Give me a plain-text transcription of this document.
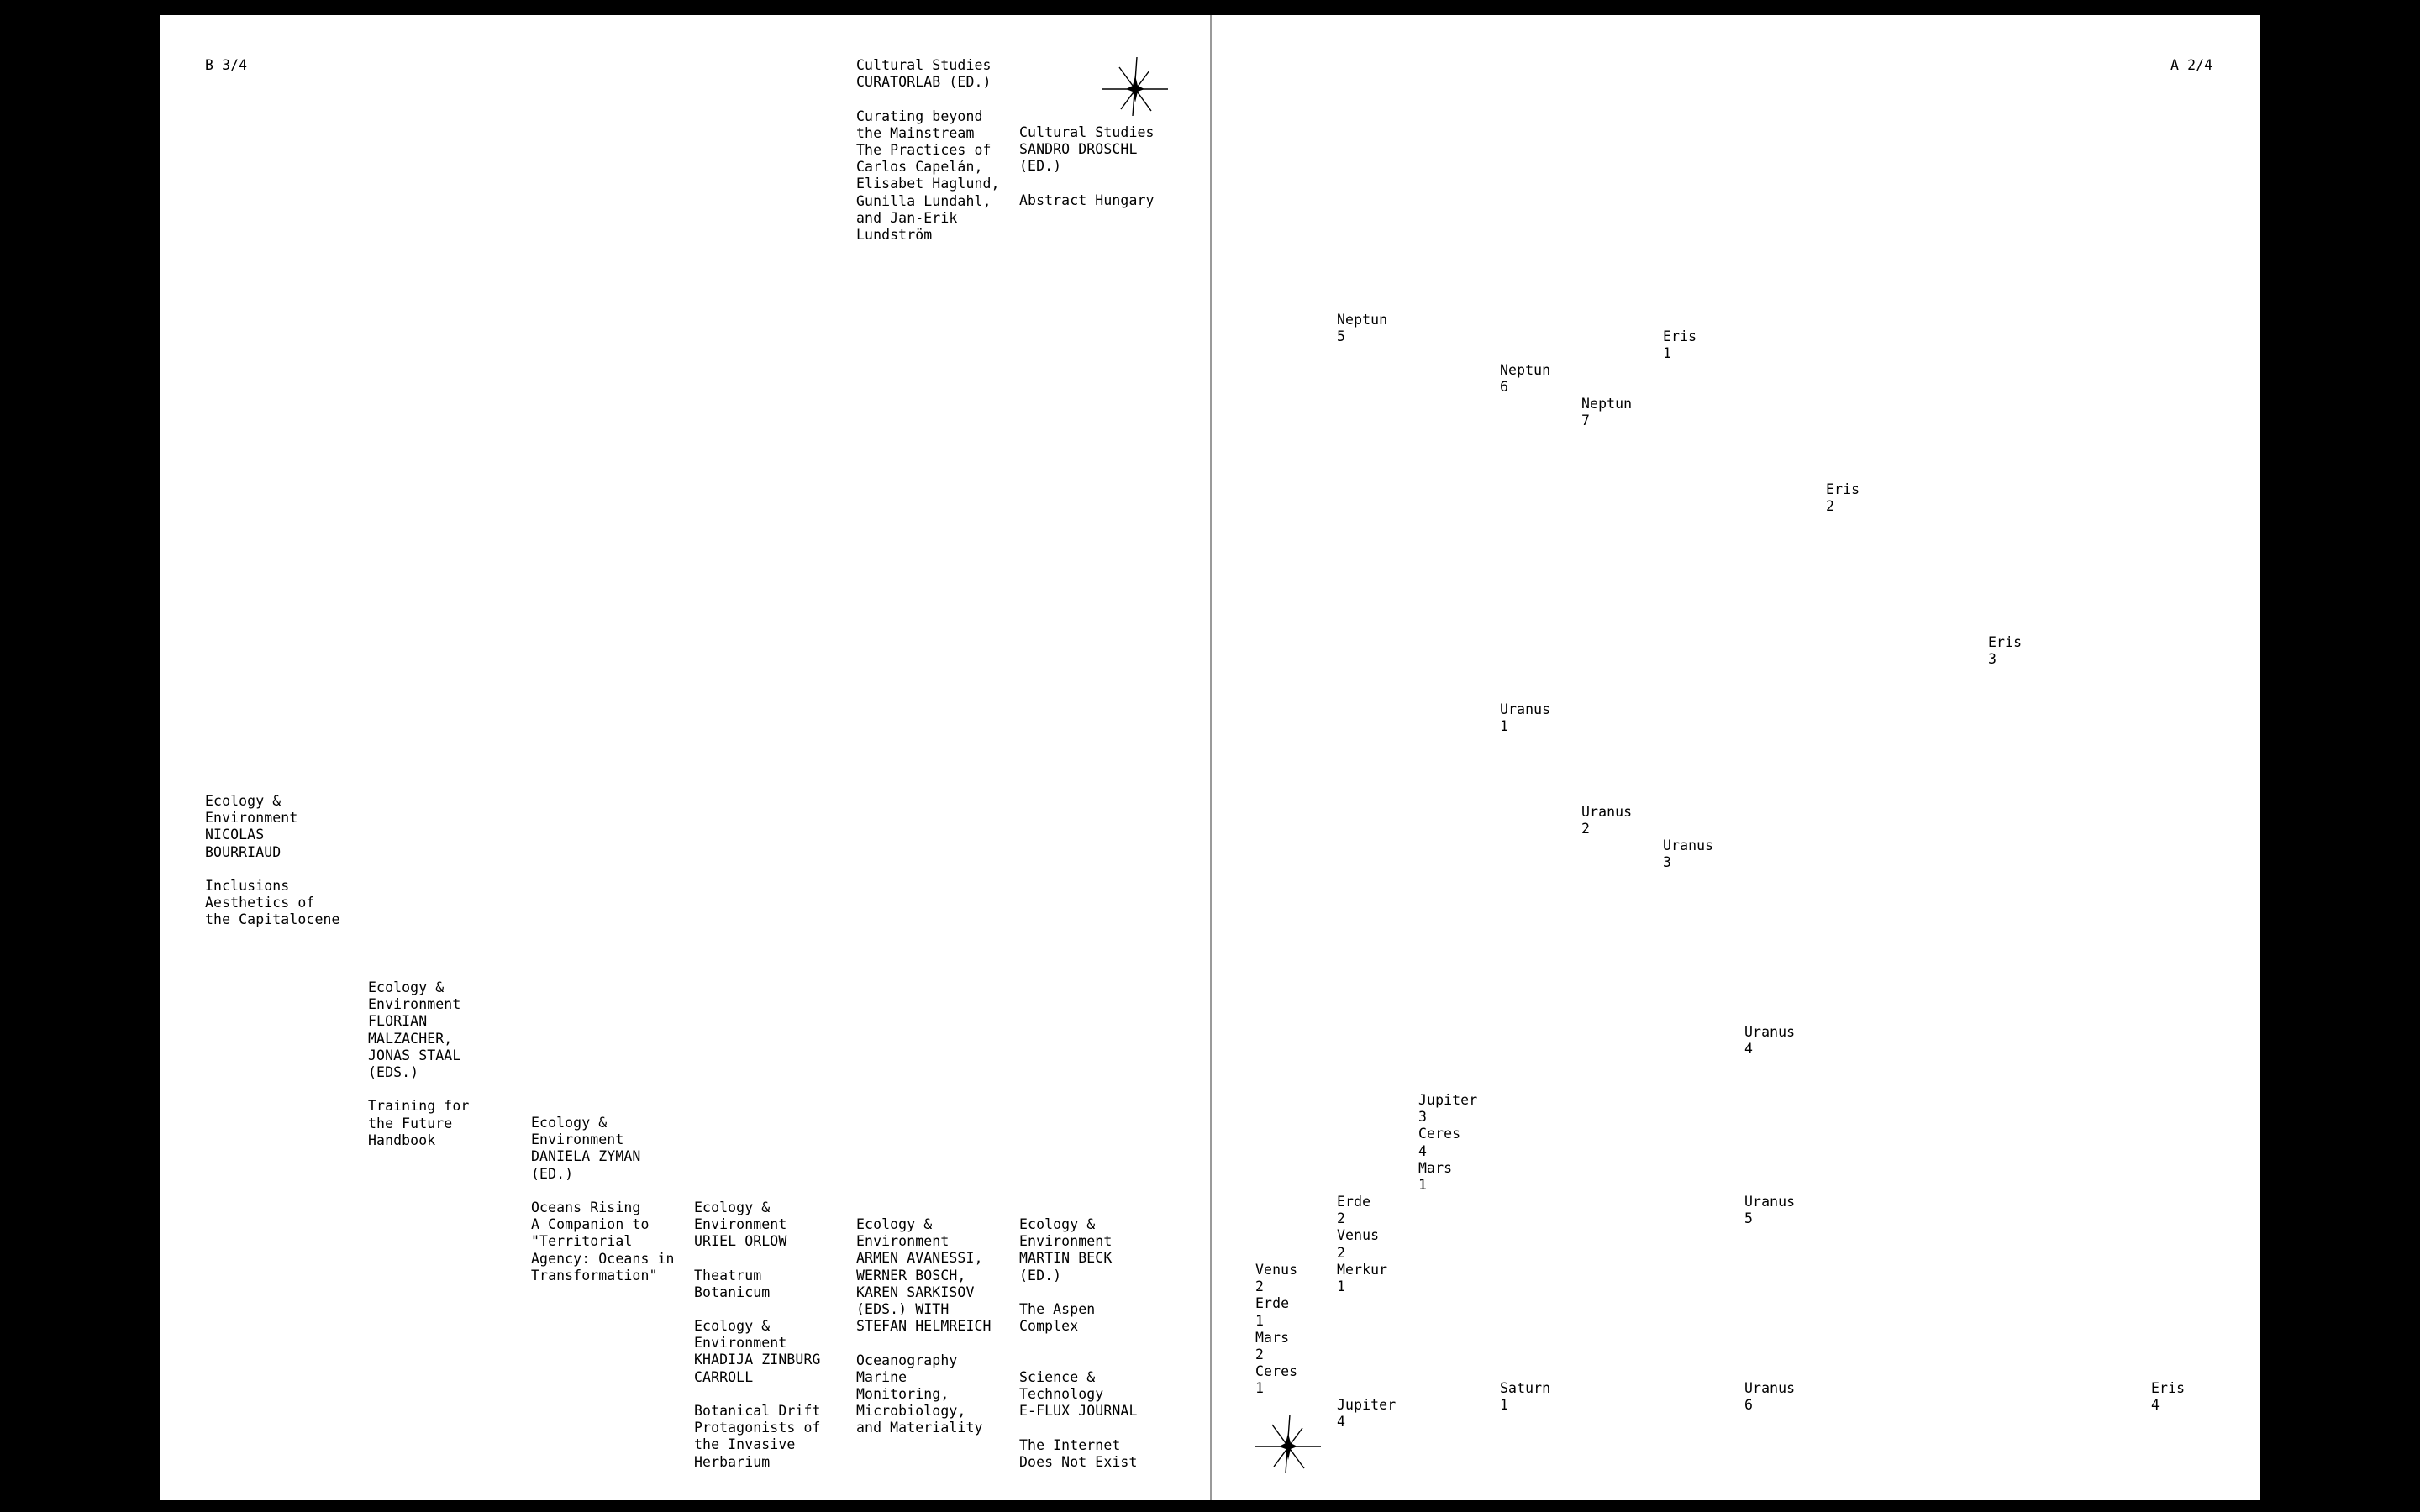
B 3/4	Cultural Studies
CURATORLAB (ED.)

Curating beyond
the Mainstream
The Practices of
Carlos Capelán,
Elisabet Haglund,
Gunilla Lundahl,
and Jan-Erik
Lundström
Cultural Studies
SANDRO DROSCHL
(ED.)

Abstract Hungary
Ecology &
Environment
NICOLAS
BOURRIAUD

Inclusions
Aesthetics of
the Capitalocene
Ecology &
Environment
FLORIAN
MALZACHER,
JONAS STAAL
(EDS.)

Training for
the Future
Handbook
Ecology &
Environment
DANIELA ZYMAN
(ED.)

Oceans Rising
A Companion to
"Territorial
Agency: Oceans in
Transformation"
Ecology &
Environment
URIEL ORLOW

Theatrum
Botanicum
Ecology &
Environment
KHADIJA ZINBURG
CARROLL

Botanical Drift
Protagonists of
the Invasive
Herbarium
Ecology &
Environment
ARMEN AVANESSI,
WERNER BOSCH,
KAREN SARKISOV
(EDS.) WITH
STEFAN HELMREICH

Oceanography
Marine
Monitoring,
Microbiology,
and Materiality
Ecology &
Environment
MARTIN BECK
(ED.)

The Aspen
Complex
Science &
Technology
E-FLUX JOURNAL

The Internet
Does Not Exist
A 2/4
Neptun
5	Eris
1
Neptun
6
Neptun
7
Eris
2
Eris
3
Uranus
1
Uranus
2
Uranus
3
Uranus
4
Jupiter
3
Ceres
4
Mars
1
Erde
2
Venus
2
Merkur
1
Uranus
5
Venus
2
Erde
1
Mars
2
Ceres
1
Jupiter
4
Saturn
1
Uranus
6
Eris
4
